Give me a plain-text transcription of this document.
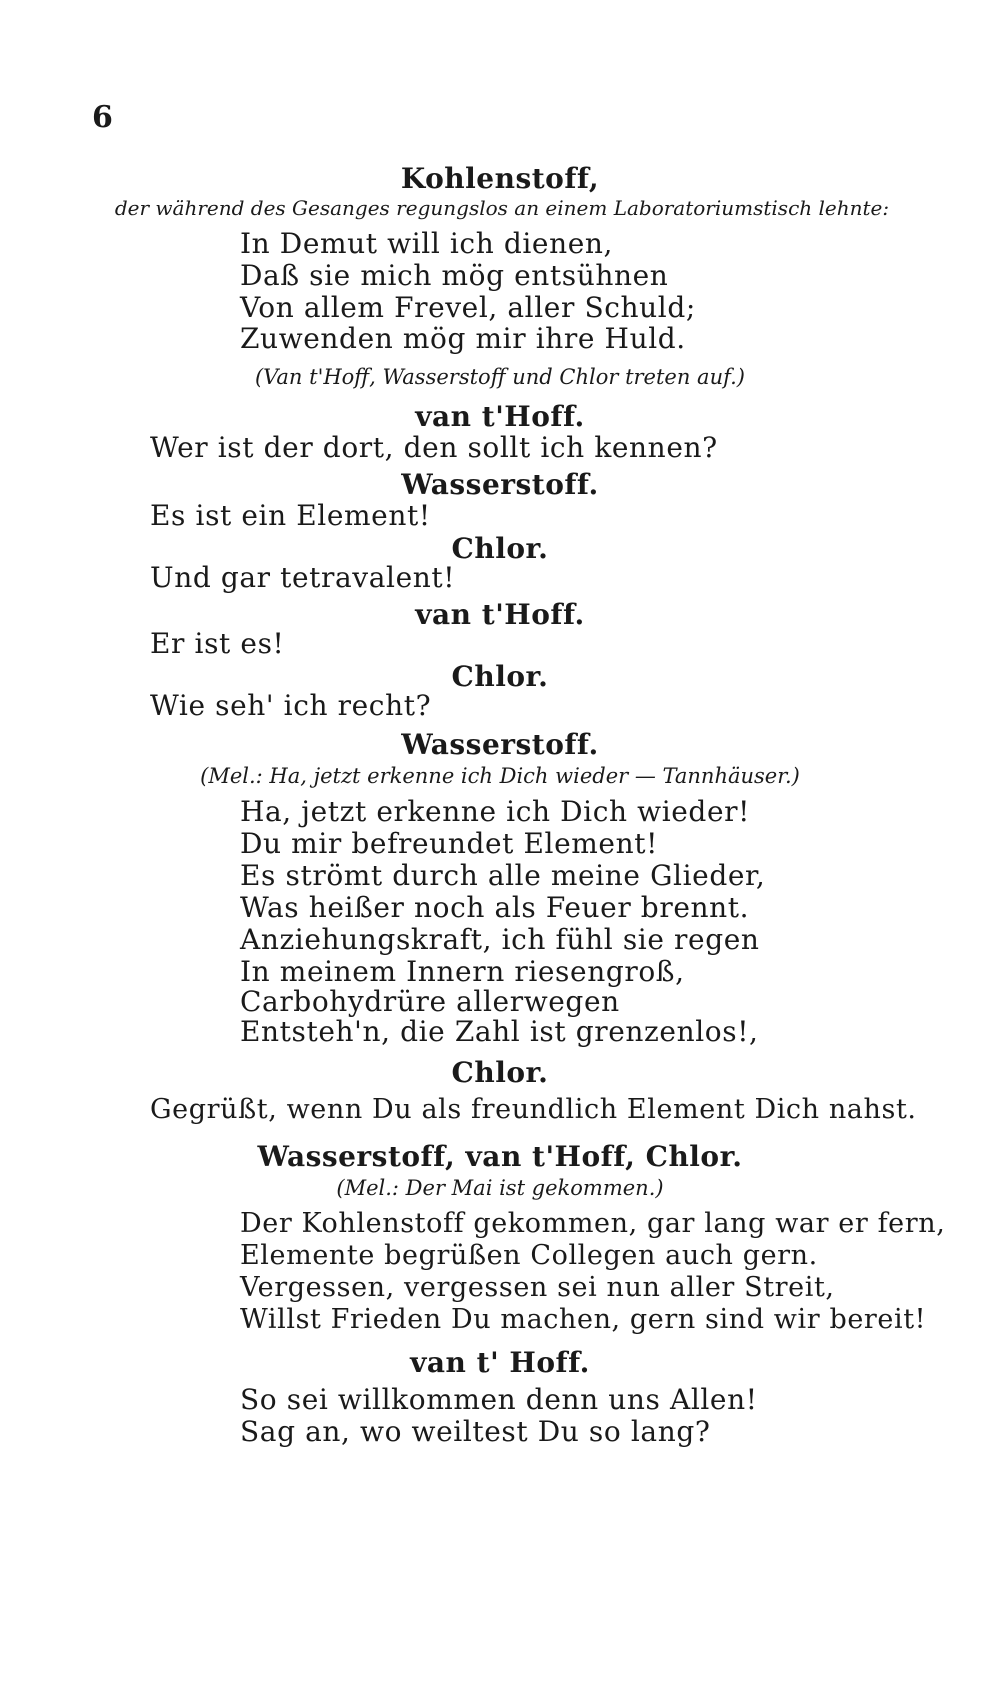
6
Kohlenstoff,
der während des Gesanges regungslos an einem Laboratoriumstisch lehnte:
In Demut will ich dienen,
Daß sie mich mög entsühnen
Von allem Frevel, aller Schuld;
Zuwenden mög mir ihre Huld.
(Van t'Hoff, Wasserstoff und Chlor treten auf.)
van t'Hoff.
Wer ist der dort, den sollt ich kennen?
Wasserstoff.
Es ist ein Element!
Chlor.
Und gar tetravalent!
van t'Hoff.
Er ist es!
Chlor.
Wie seh' ich recht?
Wasserstoff.
(Mel.: Ha, jetzt erkenne ich Dich wieder — Tannhäuser.)
Ha, jetzt erkenne ich Dich wieder!
Du mir befreundet Element!
Es strömt durch alle meine Glieder,
Was heißer noch als Feuer brennt.
Anziehungskraft, ich fühl sie regen
In meinem Innern riesengroß,
Carbohydrüre allerwegen
Entsteh'n, die Zahl ist grenzenlos!,
Chlor.
Gegrüßt, wenn Du als freundlich Element Dich nahst.
Wasserstoff, van t'Hoff, Chlor.
(Mel.: Der Mai ist gekommen.)
Der Kohlenstoff gekommen, gar lang war er fern,
Elemente begrüßen Collegen auch gern.
Vergessen, vergessen sei nun aller Streit,
Willst Frieden Du machen, gern sind wir bereit!
van t' Hoff.
So sei willkommen denn uns Allen!
Sag an, wo weiltest Du so lang?
